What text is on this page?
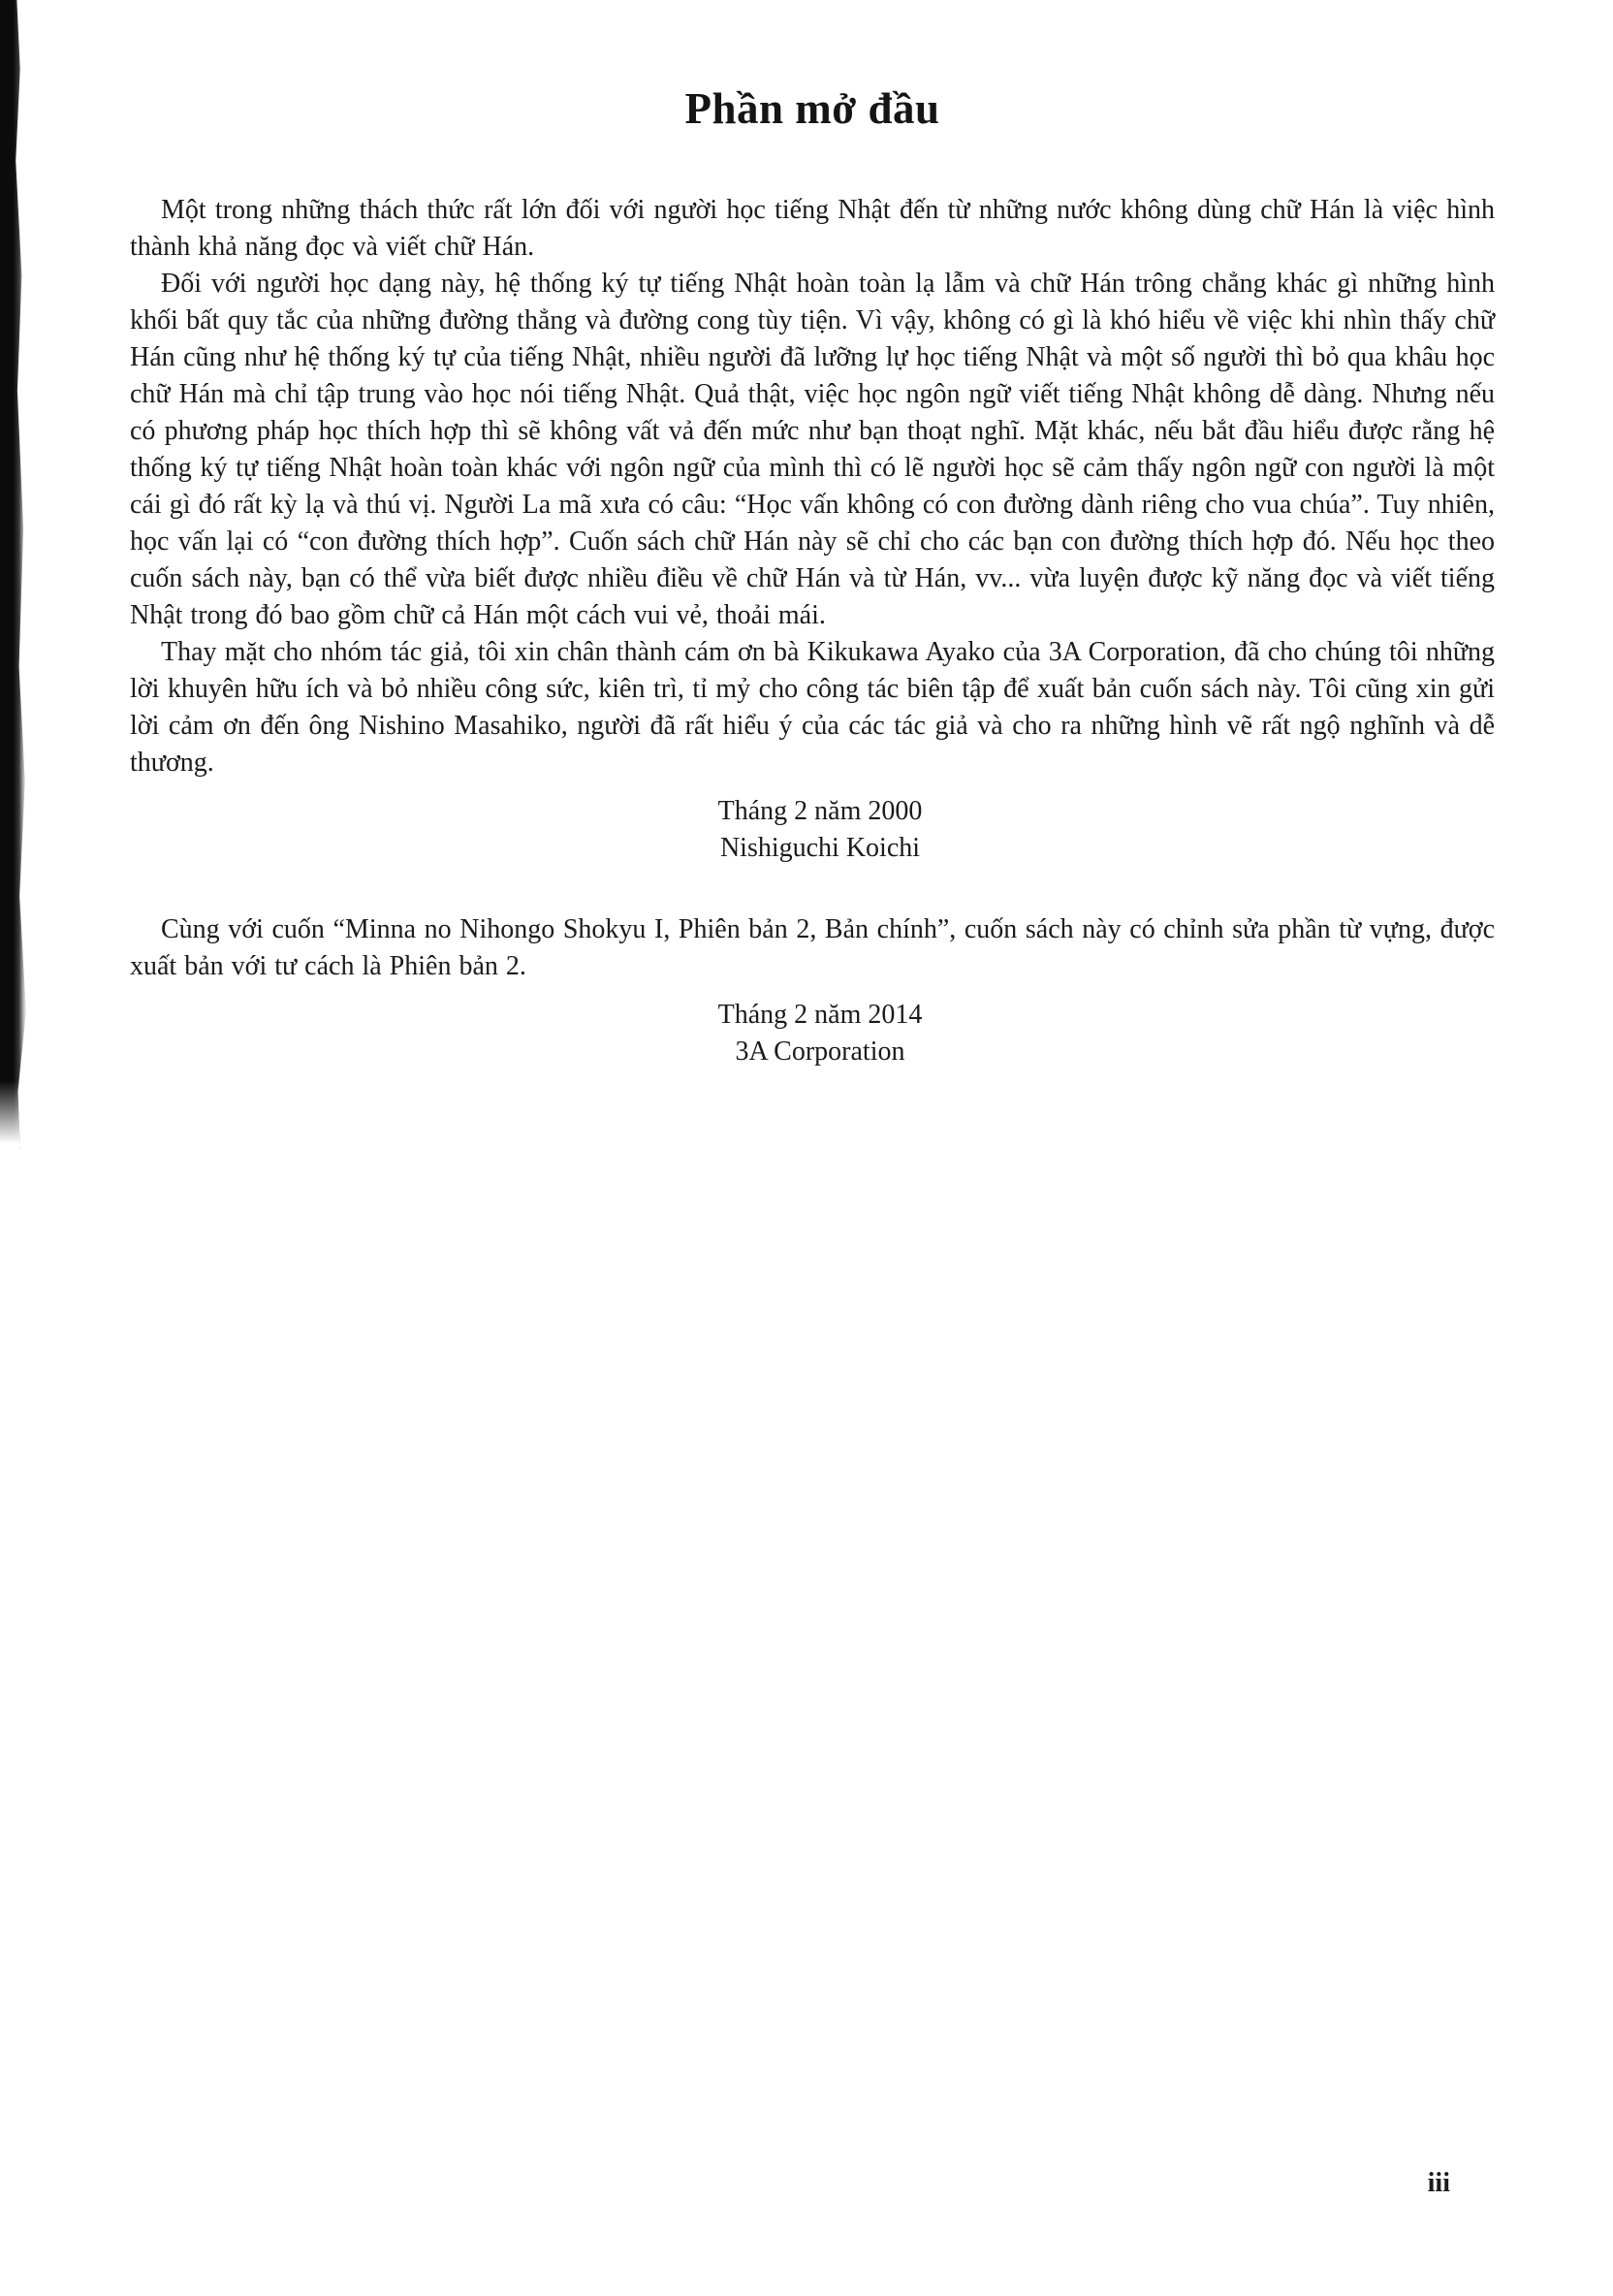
Phần mở đầu

Một trong những thách thức rất lớn đối với người học tiếng Nhật đến từ những nước không dùng chữ Hán là việc hình thành khả năng đọc và viết chữ Hán.

Đối với người học dạng này, hệ thống ký tự tiếng Nhật hoàn toàn lạ lẫm và chữ Hán trông chẳng khác gì những hình khối bất quy tắc của những đường thẳng và đường cong tùy tiện. Vì vậy, không có gì là khó hiểu về việc khi nhìn thấy chữ Hán cũng như hệ thống ký tự của tiếng Nhật, nhiều người đã lưỡng lự học tiếng Nhật và một số người thì bỏ qua khâu học chữ Hán mà chỉ tập trung vào học nói tiếng Nhật. Quả thật, việc học ngôn ngữ viết tiếng Nhật không dễ dàng. Nhưng nếu có phương pháp học thích hợp thì sẽ không vất vả đến mức như bạn thoạt nghĩ. Mặt khác, nếu bắt đầu hiểu được rằng hệ thống ký tự tiếng Nhật hoàn toàn khác với ngôn ngữ của mình thì có lẽ người học sẽ cảm thấy ngôn ngữ con người là một cái gì đó rất kỳ lạ và thú vị. Người La mã xưa có câu: “Học vấn không có con đường dành riêng cho vua chúa”. Tuy nhiên, học vấn lại có “con đường thích hợp”. Cuốn sách chữ Hán này sẽ chỉ cho các bạn con đường thích hợp đó. Nếu học theo cuốn sách này, bạn có thể vừa biết được nhiều điều về chữ Hán và từ Hán, vv... vừa luyện được kỹ năng đọc và viết tiếng Nhật trong đó bao gồm chữ cả Hán một cách vui vẻ, thoải mái.

Thay mặt cho nhóm tác giả, tôi xin chân thành cám ơn bà Kikukawa Ayako của 3A Corporation, đã cho chúng tôi những lời khuyên hữu ích và bỏ nhiều công sức, kiên trì, tỉ mỷ cho công tác biên tập để xuất bản cuốn sách này. Tôi cũng xin gửi lời cảm ơn đến ông Nishino Masahiko, người đã rất hiểu ý của các tác giả và cho ra những hình vẽ rất ngộ nghĩnh và dễ thương.

Tháng 2 năm 2000
Nishiguchi Koichi

Cùng với cuốn “Minna no Nihongo Shokyu I, Phiên bản 2, Bản chính”, cuốn sách này có chỉnh sửa phần từ vựng, được xuất bản với tư cách là Phiên bản 2.

Tháng 2 năm 2014
3A Corporation
iii
